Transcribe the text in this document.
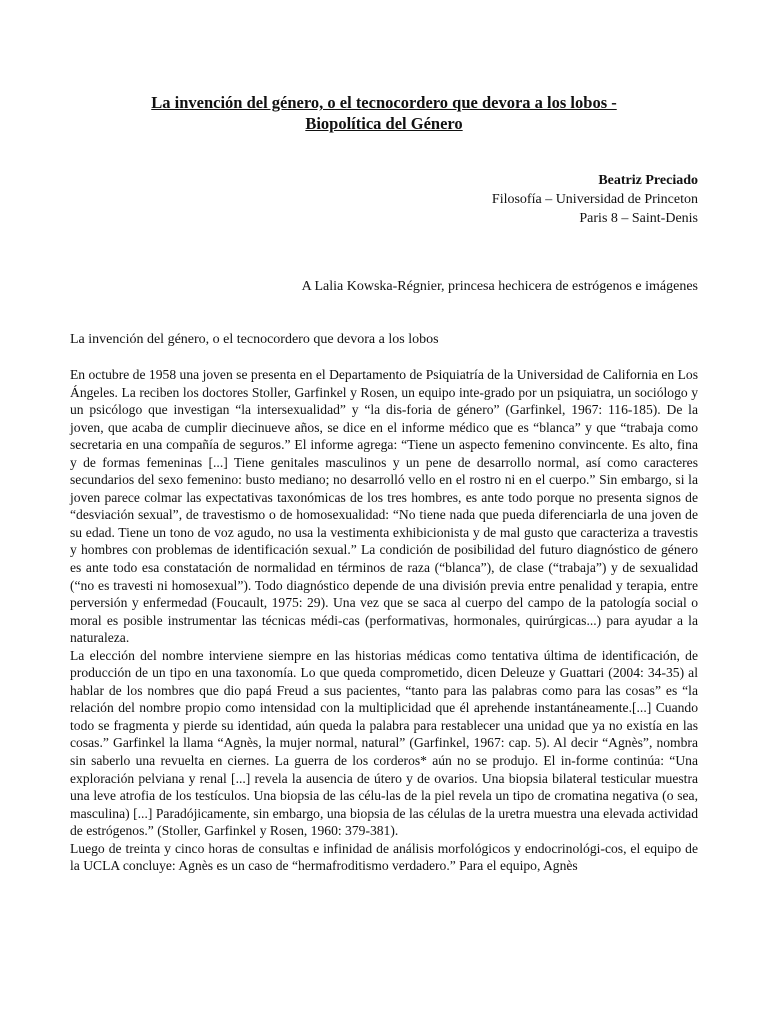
La invención del género, o el tecnocordero que devora a los lobos -
Biopolítica del Género
Beatriz Preciado
Filosofía – Universidad de Princeton
Paris 8 – Saint-Denis
A Lalia Kowska-Régnier, princesa hechicera de estrógenos e imágenes
La invención del género, o el tecnocordero que devora a los lobos

En octubre de 1958 una joven se presenta en el Departamento de Psiquiatría de la Universidad de California en Los Ángeles. La reciben los doctores Stoller, Garfinkel y Rosen, un equipo inte-grado por un psiquiatra, un sociólogo y un psicólogo que investigan “la intersexualidad” y “la dis-foria de género” (Garfinkel, 1967: 116-185). De la joven, que acaba de cumplir diecinueve años, se dice en el informe médico que es “blanca” y que “trabaja como secretaria en una compañía de seguros.” El informe agrega: “Tiene un aspecto femenino convincente. Es alto, fina y de formas femeninas [...] Tiene genitales masculinos y un pene de desarrollo normal, así como caracteres secundarios del sexo femenino: busto mediano; no desarrolló vello en el rostro ni en el cuerpo.” Sin embargo, si la joven parece colmar las expectativas taxonómicas de los tres hombres, es ante todo porque no presenta signos de “desviación sexual”, de travestismo o de homosexualidad: “No tiene nada que pueda diferenciarla de una joven de su edad. Tiene un tono de voz agudo, no usa la vestimenta exhibicionista y de mal gusto que caracteriza a travestis y hombres con problemas de identificación sexual.” La condición de posibilidad del futuro diagnóstico de género es ante todo esa constatación de normalidad en términos de raza (“blanca”), de clase (“trabaja”) y de sexualidad (“no es travesti ni homosexual”). Todo diagnóstico depende de una división previa entre penalidad y terapia, entre perversión y enfermedad (Foucault, 1975: 29). Una vez que se saca al cuerpo del campo de la patología social o moral es posible instrumentar las técnicas médi-cas (performativas, hormonales, quirúrgicas...) para ayudar a la naturaleza.

La elección del nombre interviene siempre en las historias médicas como tentativa última de identificación, de producción de un tipo en una taxonomía. Lo que queda comprometido, dicen Deleuze y Guattari (2004: 34-35) al hablar de los nombres que dio papá Freud a sus pacientes, “tanto para las palabras como para las cosas” es “la relación del nombre propio como intensidad con la multiplicidad que él aprehende instantáneamente.[...] Cuando todo se fragmenta y pierde su identidad, aún queda la palabra para restablecer una unidad que ya no existía en las cosas.” Garfinkel la llama “Agnès, la mujer normal, natural” (Garfinkel, 1967: cap. 5). Al decir “Agnès”, nombra sin saberlo una revuelta en ciernes. La guerra de los corderos* aún no se produjo. El in-forme continúa: “Una exploración pelviana y renal [...] revela la ausencia de útero y de ovarios. Una biopsia bilateral testicular muestra una leve atrofia de los testículos. Una biopsia de las célu-las de la piel revela un tipo de cromatina negativa (o sea, masculina) [...] Paradójicamente, sin embargo, una biopsia de las células de la uretra muestra una elevada actividad de estrógenos.” (Stoller, Garfinkel y Rosen, 1960: 379-381).

Luego de treinta y cinco horas de consultas e infinidad de análisis morfológicos y endocrinológi-cos, el equipo de la UCLA concluye: Agnès es un caso de “hermafroditismo verdadero.” Para el equipo, Agnès
